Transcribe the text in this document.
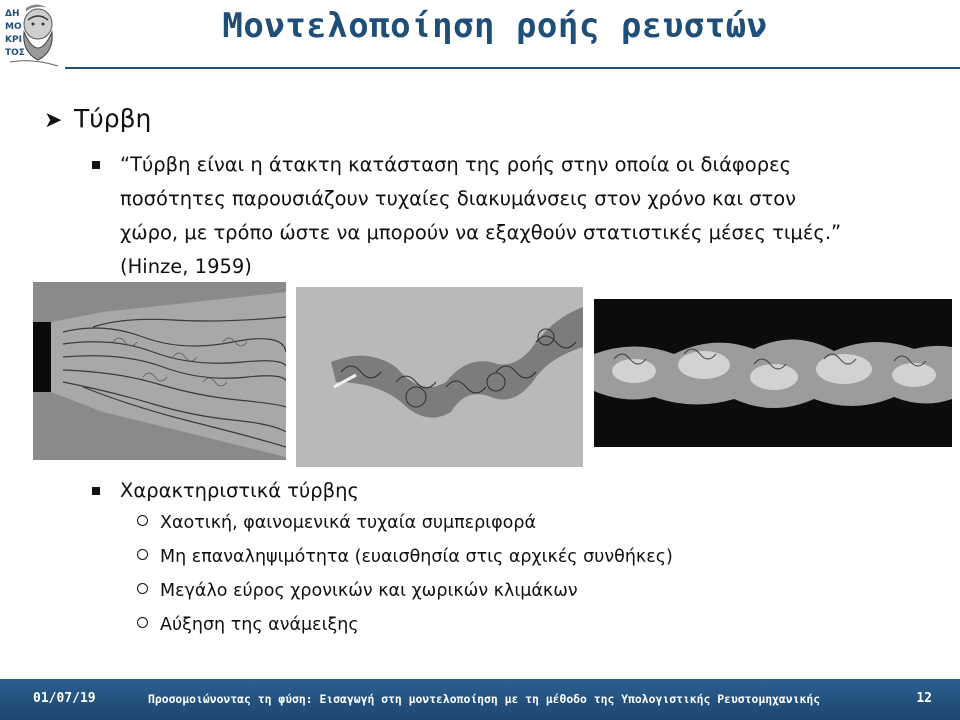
ΔΗ
ΜΟ
ΚΡΙ
ΤΟΣ
Μοντελοποίηση ροής ρευστών
➤ Τύρβη
“Τύρβη είναι η άτακτη κατάσταση της ροής στην οποία οι διάφορες
ποσότητες παρουσιάζουν τυχαίες διακυμάνσεις στον χρόνο και στον
χώρο, με τρόπο ώστε να μπορούν να εξαχθούν στατιστικές μέσες τιμές.”
(Hinze, 1959)
Χαρακτηριστικά τύρβης
Χαοτική, φαινομενικά τυχαία συμπεριφορά
Μη επαναληψιμότητα (ευαισθησία στις αρχικές συνθήκες)
Μεγάλο εύρος χρονικών και χωρικών κλιμάκων
Αύξηση της ανάμειξης
01/07/19	Προσομοιώνοντας τη φύση: Εισαγωγή στη μοντελοποίηση με τη μέθοδο της Υπολογιστικής Ρευστομηχανικής	12
